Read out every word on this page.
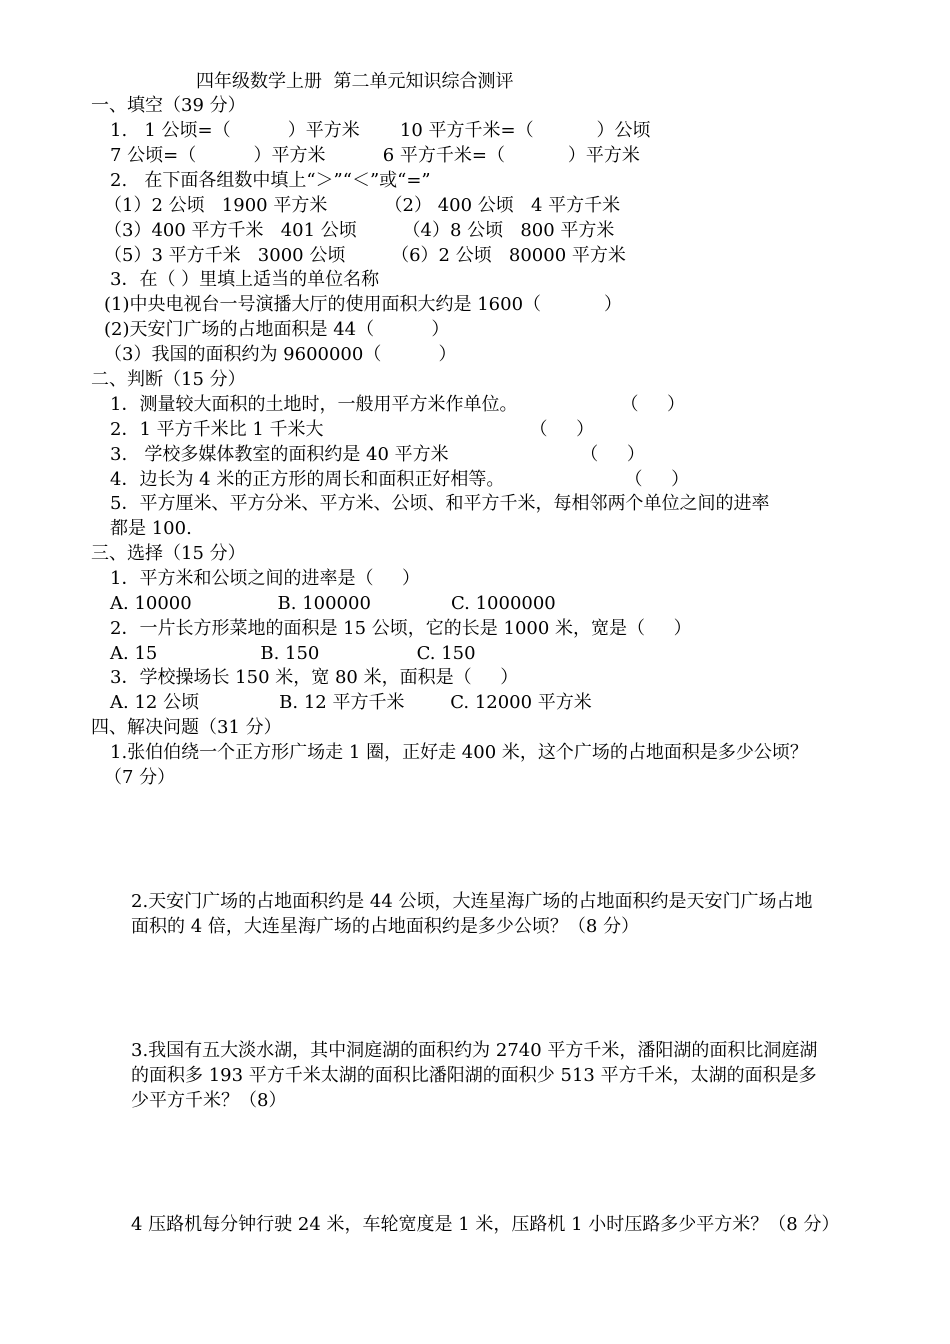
四年级数学上册  第二单元知识综合测评
一、填空（39 分）
1.   1 公顷=（          ）平方米       10 平方千米=（           ）公顷
7 公顷=（          ）平方米          6 平方千米=（           ）平方米
2.   在下面各组数中填上“＞”“＜”或“=”
（1）2 公顷   1900 平方米          （2） 400 公顷   4 平方千米
（3）400 平方千米   401 公顷        （4）8 公顷   800 平方米
（5）3 平方千米   3000 公顷        （6）2 公顷   80000 平方米
3．在（ ）里填上适当的单位名称
(1)中央电视台一号演播大厅的使用面积大约是 1600（           ）
(2)天安门广场的占地面积是 44（          ）
（3）我国的面积约为 9600000（          ）
二、判断（15 分）
1．测量较大面积的土地时，一般用平方米作单位。                  （     ）
2．1 平方千米比 1 千米大                                    （     ）
3.   学校多媒体教室的面积约是 40 平方米                       （     ）
4．边长为 4 米的正方形的周长和面积正好相等。                     （     ）
5．平方厘米、平方分米、平方米、公顷、和平方千米，每相邻两个单位之间的进率
都是 100.
三、选择（15 分）
1．平方米和公顷之间的进率是（     ）
A. 10000               B. 100000              C. 1000000
2．一片长方形菜地的面积是 15 公顷，它的长是 1000 米，宽是（     ）
A. 15                  B. 150                 C. 150
3．学校操场长 150 米，宽 80 米，面积是（     ）
A. 12 公顷              B. 12 平方千米        C. 12000 平方米
四、解决问题（31 分）
1.张伯伯绕一个正方形广场走 1 圈，正好走 400 米，这个广场的占地面积是多少公顷？
（7 分）
2.天安门广场的占地面积约是 44 公顷，大连星海广场的占地面积约是天安门广场占地
面积的 4 倍，大连星海广场的占地面积约是多少公顷？（8 分）
3.我国有五大淡水湖，其中洞庭湖的面积约为 2740 平方千米，潘阳湖的面积比洞庭湖
的面积多 193 平方千米太湖的面积比潘阳湖的面积少 513 平方千米，太湖的面积是多
少平方千米？（8）
4 压路机每分钟行驶 24 米，车轮宽度是 1 米，压路机 1 小时压路多少平方米？（8 分）
